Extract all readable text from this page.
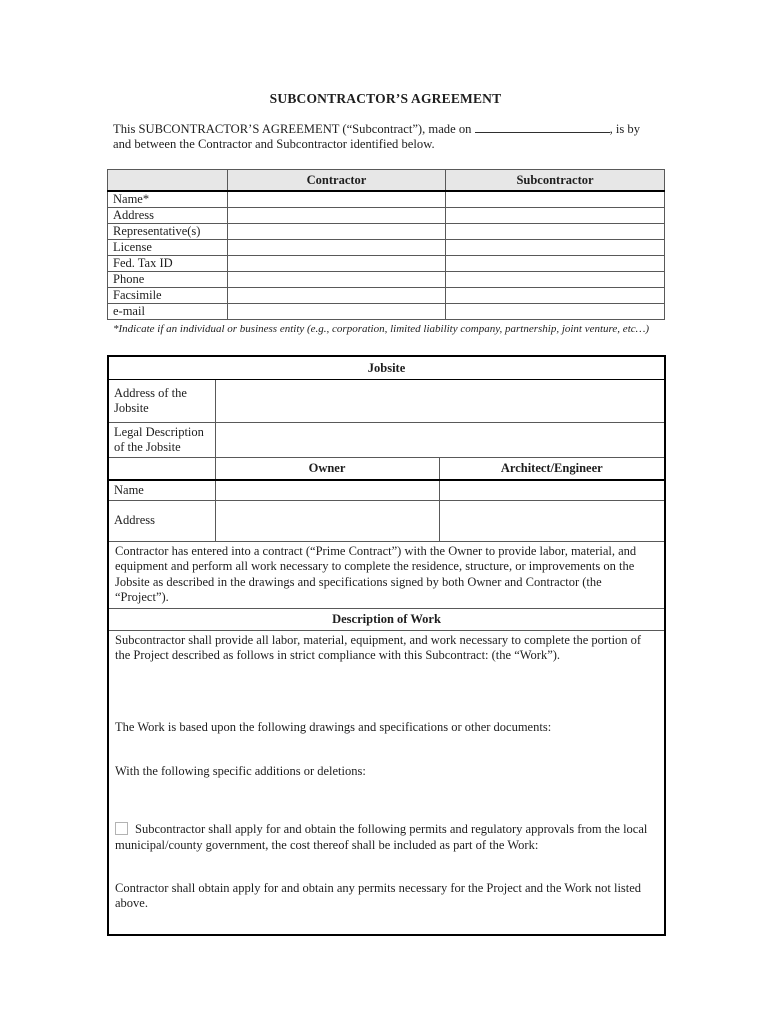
SUBCONTRACTOR’S AGREEMENT
This SUBCONTRACTOR’S AGREEMENT (“Subcontract”), made on	, is by
and between the Contractor and Subcontractor identified below.
	Contractor	Subcontractor
Name*		
Address		
Representative(s)		
License		
Fed. Tax ID		
Phone		
Facsimile		
e-mail		
*Indicate if an individual or business entity (e.g., corporation, limited liability company, partnership, joint venture, etc…)
Jobsite		
Address of the Jobsite		
Legal Description of the Jobsite		
	Owner	Architect/Engineer
Name		
Address		
Contractor has entered into a contract (“Prime Contract”) with the Owner to provide labor, material, and equipment and perform all work necessary to complete the residence, structure, or improvements on the Jobsite as described in the drawings and specifications signed by both Owner and Contractor (the “Project”).		
Description of Work		

Subcontractor shall provide all labor, material, equipment, and work necessary to complete the portion of the Project described as follows in strict compliance with this Subcontract: (the “Work”).

The Work is based upon the following drawings and specifications or other documents:

With the following specific additions or deletions:

Subcontractor shall apply for and obtain the following permits and regulatory approvals from the local municipal/county government, the cost thereof shall be included as part of the Work:

Contractor shall obtain apply for and obtain any permits necessary for the Project and the Work not listed above.		
